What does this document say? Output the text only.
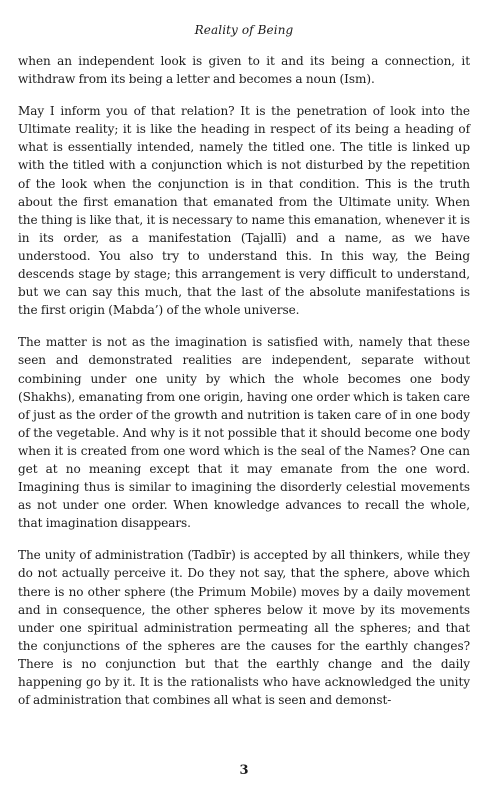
Reality of Being

when an independent look is given to it and its being a connection, it withdraw from its being a letter and becomes a noun (Ism).

May I inform you of that relation? It is the penetration of look into the Ultimate reality; it is like the heading in respect of its being a heading of what is essentially intended, namely the titled one. The title is linked up with the titled with a conjunction which is not disturbed by the repetition of the look when the conjunction is in that condition. This is the truth about the first emanation that emanated from the Ultimate unity. When the thing is like that, it is necessary to name this emanation, whenever it is in its order, as a manifestation (Tajallī) and a name, as we have understood. You also try to understand this. In this way, the Being descends stage by stage; this arrangement is very difficult to understand, but we can say this much, that the last of the absolute manifestations is the first origin (Mabda’) of the whole universe.

The matter is not as the imagination is satisfied with, namely that these seen and demonstrated realities are independent, separate without combining under one unity by which the whole becomes one body (Shakhs), emanating from one origin, having one order which is taken care of just as the order of the growth and nutrition is taken care of in one body of the vegetable. And why is it not possible that it should become one body when it is created from one word which is the seal of the Names? One can get at no meaning except that it may emanate from the one word. Imagining thus is similar to imagining the disorderly celestial movements as not under one order. When knowledge advances to recall the whole, that imagination disappears.

The unity of administration (Tadbīr) is accepted by all thinkers, while they do not actually perceive it. Do they not say, that the sphere, above which there is no other sphere (the Primum Mobile) moves by a daily movement and in consequence, the other spheres below it move by its movements under one spiritual administration permeating all the spheres; and that the conjunctions of the spheres are the causes for the earthly changes? There is no conjunction but that the earthly change and the daily happening go by it. It is the rationalists who have acknowledged the unity of administration that combines all what is seen and demonst-

3
